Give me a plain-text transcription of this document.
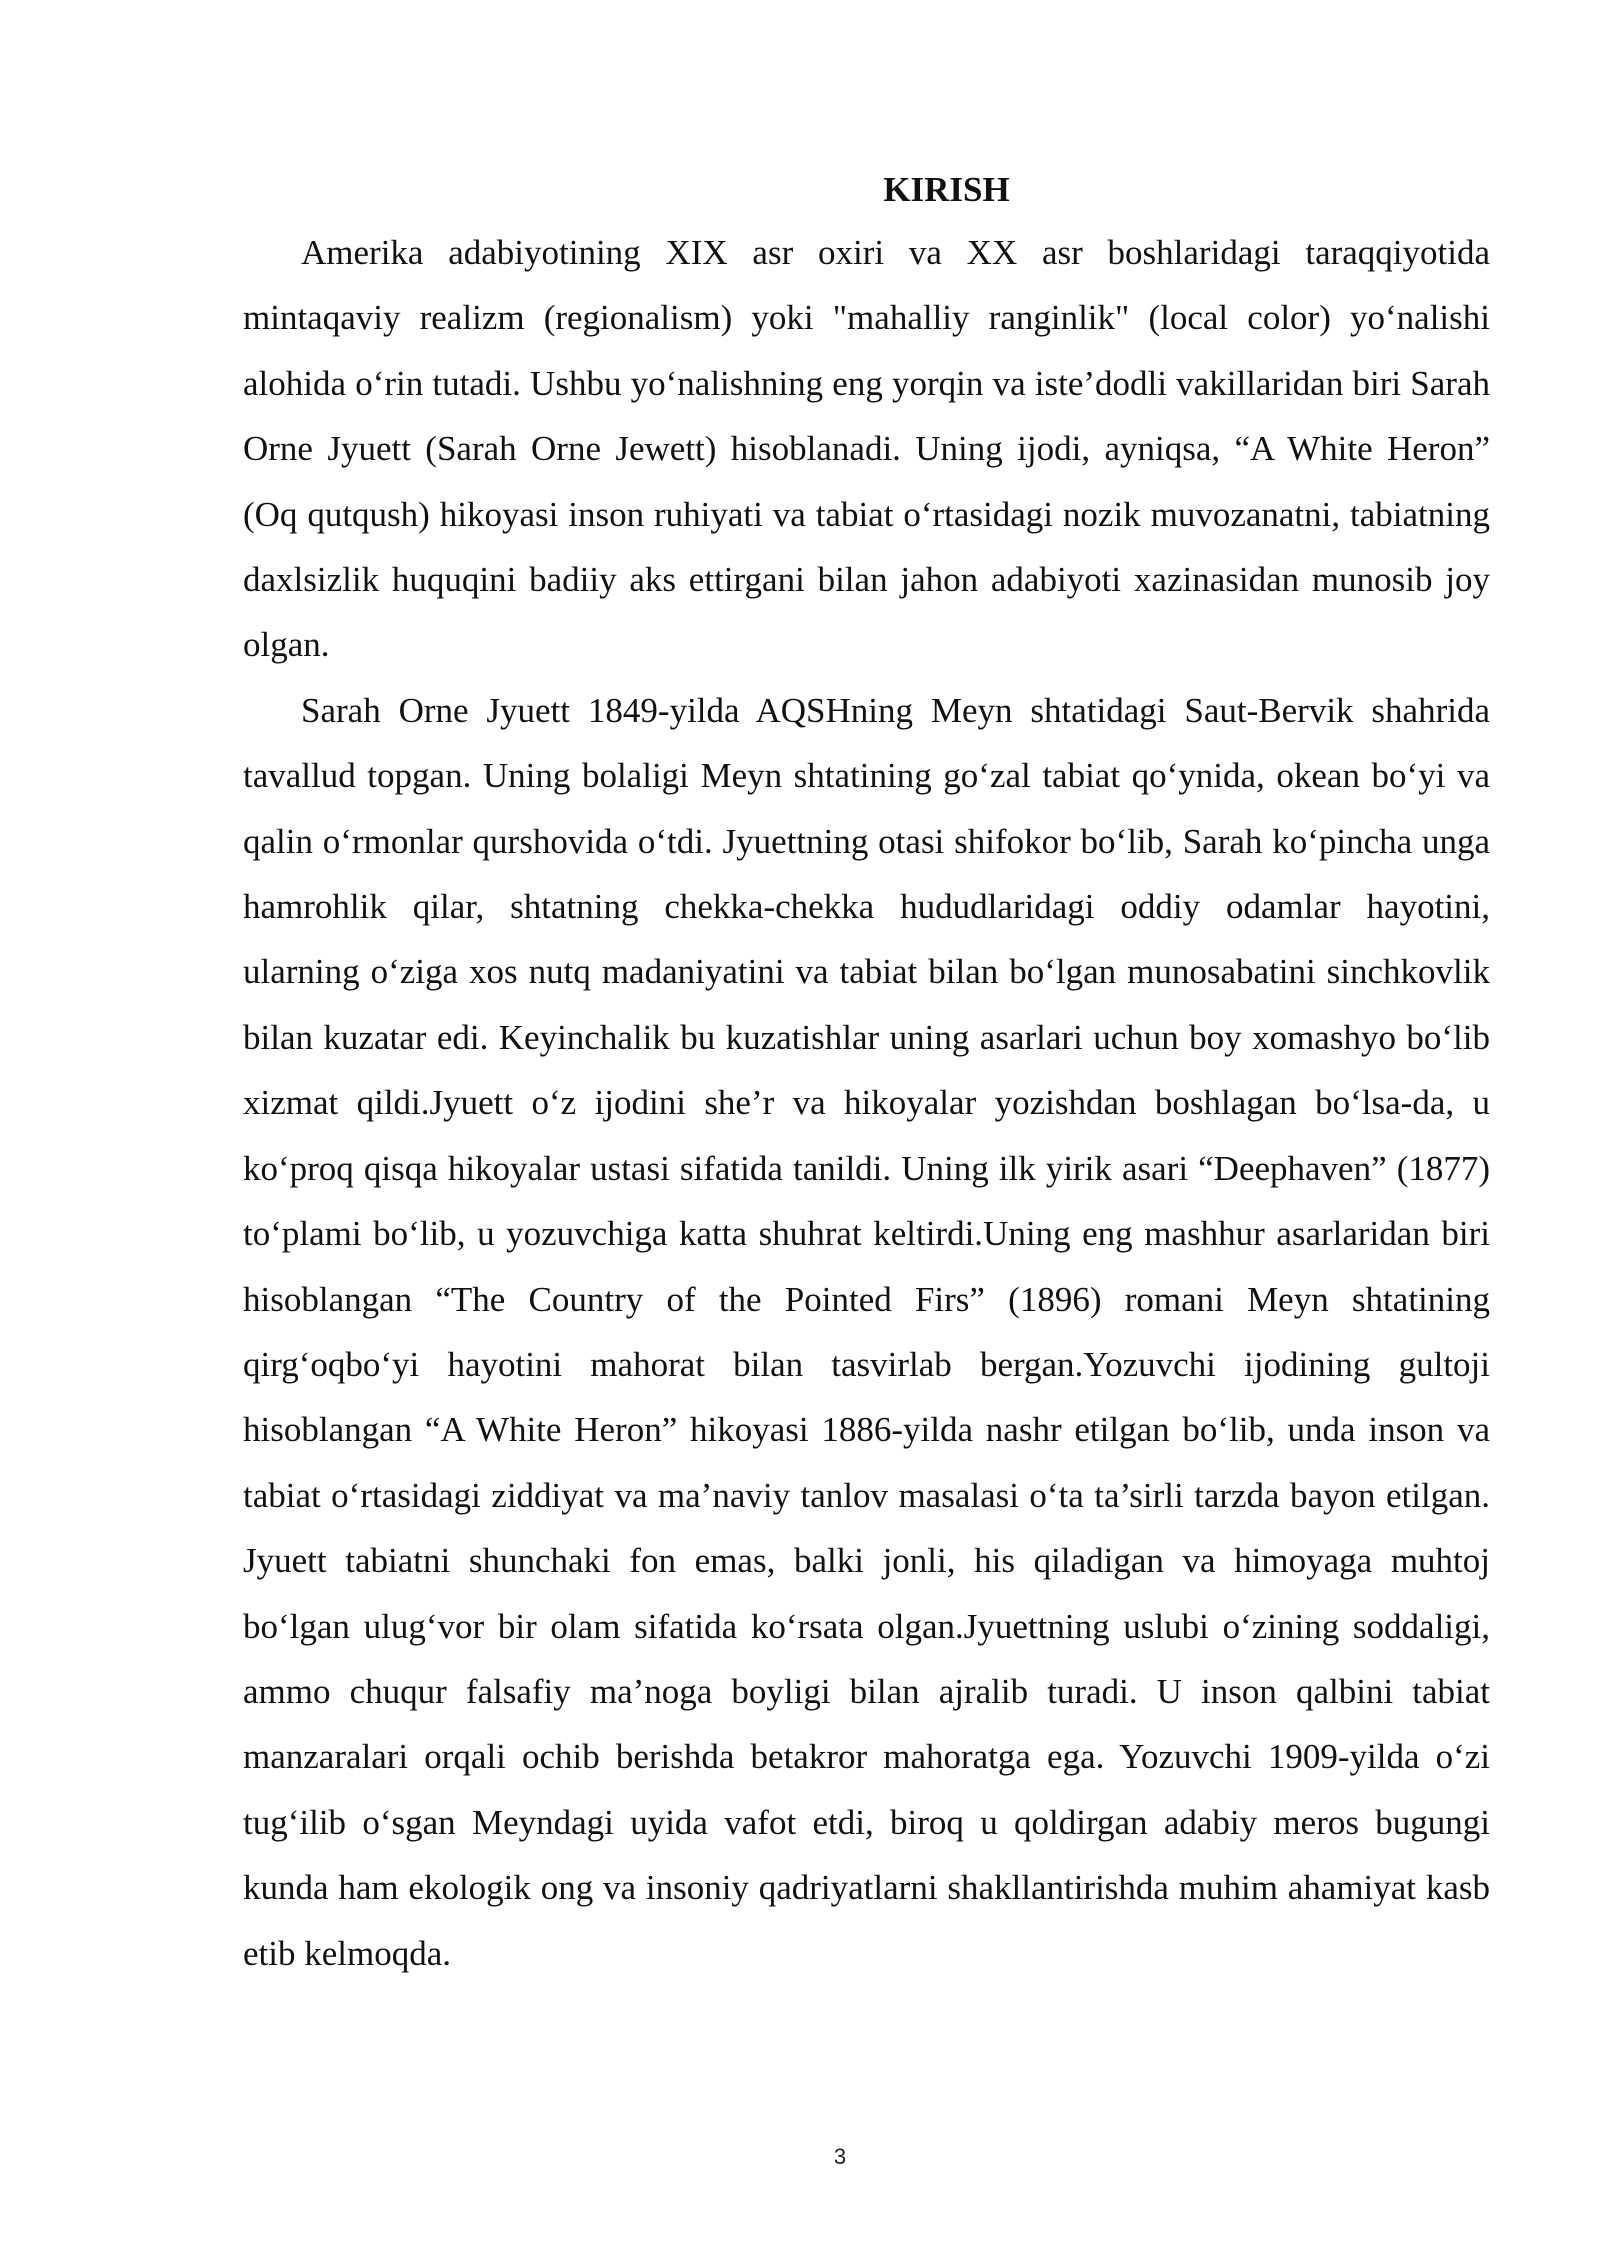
KIRISH

Amerika adabiyotining XIX asr oxiri va XX asr boshlaridagi taraqqiyotida mintaqaviy realizm (regionalism) yoki "mahalliy ranginlik" (local color) yo‘nalishi alohida o‘rin tutadi. Ushbu yo‘nalishning eng yorqin va iste’dodli vakillaridan biri Sarah Orne Jyuett (Sarah Orne Jewett) hisoblanadi. Uning ijodi, ayniqsa, “A White Heron” (Oq qutqush) hikoyasi inson ruhiyati va tabiat o‘rtasidagi nozik muvozanatni, tabiatning daxlsizlik huquqini badiiy aks ettirgani bilan jahon adabiyoti xazinasidan munosib joy olgan.

Sarah Orne Jyuett 1849-yilda AQSHning Meyn shtatidagi Saut-Bervik shahrida tavallud topgan. Uning bolaligi Meyn shtatining go‘zal tabiat qo‘ynida, okean bo‘yi va qalin o‘rmonlar qurshovida o‘tdi. Jyuettning otasi shifokor bo‘lib, Sarah ko‘pincha unga hamrohlik qilar, shtatning chekka-chekka hududlaridagi oddiy odamlar hayotini, ularning o‘ziga xos nutq madaniyatini va tabiat bilan bo‘lgan munosabatini sinchkovlik bilan kuzatar edi. Keyinchalik bu kuzatishlar uning asarlari uchun boy xomashyo bo‘lib xizmat qildi.Jyuett o‘z ijodini she’r va hikoyalar yozishdan boshlagan bo‘lsa-da, u ko‘proq qisqa hikoyalar ustasi sifatida tanildi. Uning ilk yirik asari “Deephaven” (1877) to‘plami bo‘lib, u yozuvchiga katta shuhrat keltirdi.Uning eng mashhur asarlaridan biri hisoblangan “The Country of the Pointed Firs” (1896) romani Meyn shtatining qirg‘oqbo‘yi hayotini mahorat bilan tasvirlab bergan.Yozuvchi ijodining gultoji hisoblangan “A White Heron” hikoyasi 1886-yilda nashr etilgan bo‘lib, unda inson va tabiat o‘rtasidagi ziddiyat va ma’naviy tanlov masalasi o‘ta ta’sirli tarzda bayon etilgan. Jyuett tabiatni shunchaki fon emas, balki jonli, his qiladigan va himoyaga muhtoj bo‘lgan ulug‘vor bir olam sifatida ko‘rsata olgan.Jyuettning uslubi o‘zining soddaligi, ammo chuqur falsafiy ma’noga boyligi bilan ajralib turadi. U inson qalbini tabiat manzaralari orqali ochib berishda betakror mahoratga ega. Yozuvchi 1909-yilda o‘zi tug‘ilib o‘sgan Meyndagi uyida vafot etdi, biroq u qoldirgan adabiy meros bugungi kunda ham ekologik ong va insoniy qadriyatlarni shakllantirishda muhim ahamiyat kasb etib kelmoqda.

3
